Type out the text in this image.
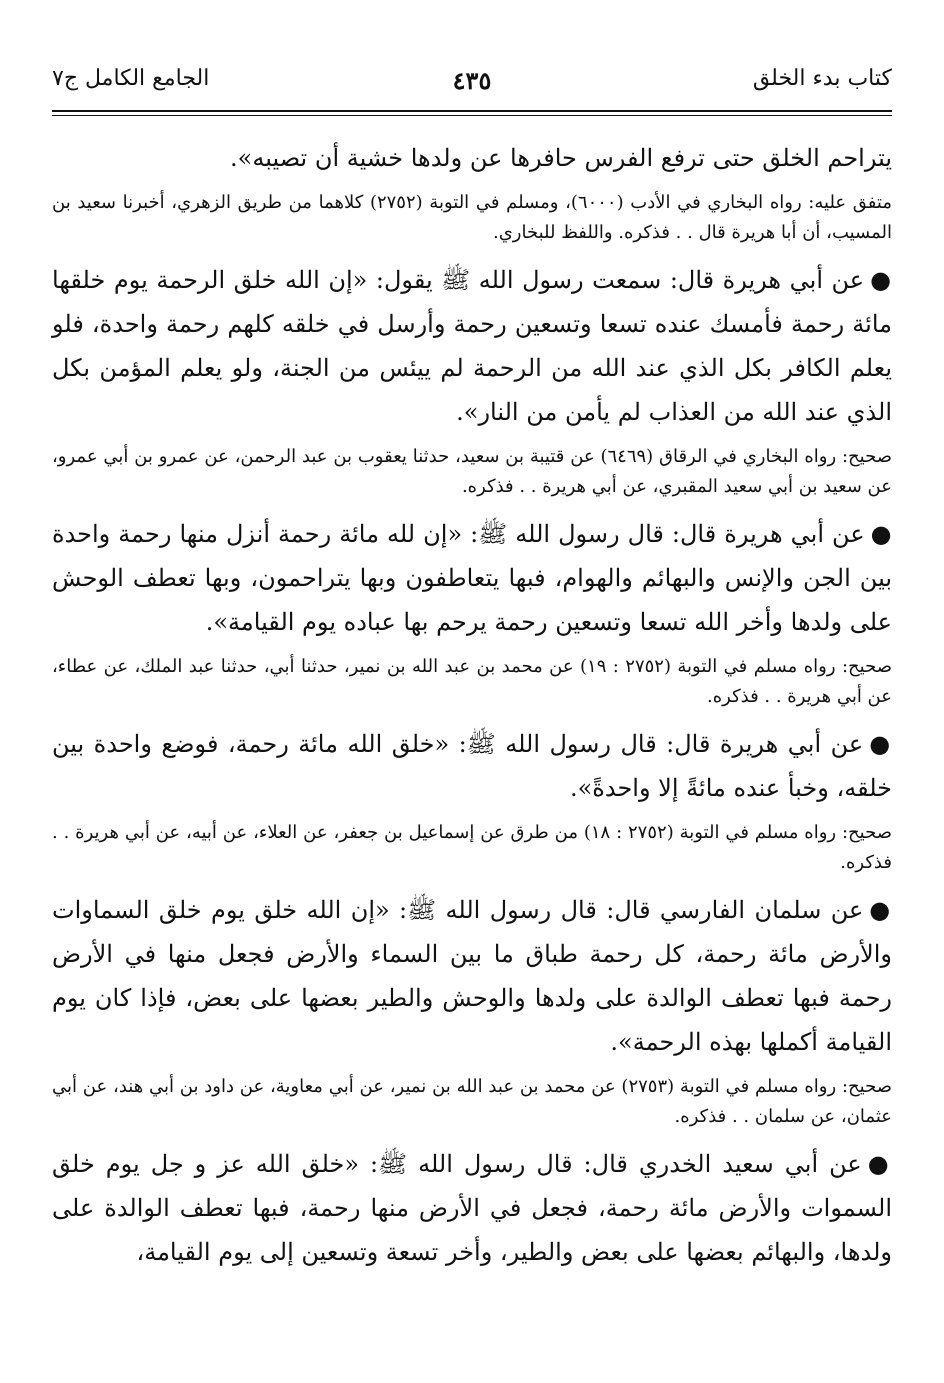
كتاب بدء الخلق
٤٣٥
الجامع الكامل ج٧

يتراحم الخلق حتى ترفع الفرس حافرها عن ولدها خشية أن تصيبه».

متفق عليه: رواه البخاري في الأدب (٦٠٠٠)، ومسلم في التوبة (٢٧٥٢) كلاهما من طريق الزهري، أخبرنا سعيد بن المسيب، أن أبا هريرة قال . . فذكره. واللفظ للبخاري.

●عن أبي هريرة قال: سمعت رسول الله ﷺ يقول: «إن الله خلق الرحمة يوم خلقها مائة رحمة فأمسك عنده تسعا وتسعين رحمة وأرسل في خلقه كلهم رحمة واحدة، فلو يعلم الكافر بكل الذي عند الله من الرحمة لم ييئس من الجنة، ولو يعلم المؤمن بكل الذي عند الله من العذاب لم يأمن من النار».

صحيح: رواه البخاري في الرقاق (٦٤٦٩) عن قتيبة بن سعيد، حدثنا يعقوب بن عبد الرحمن، عن عمرو بن أبي عمرو، عن سعيد بن أبي سعيد المقبري، عن أبي هريرة . . فذكره.

●عن أبي هريرة قال: قال رسول الله ﷺ: «إن لله مائة رحمة أنزل منها رحمة واحدة بين الجن والإنس والبهائم والهوام، فبها يتعاطفون وبها يتراحمون، وبها تعطف الوحش على ولدها وأخر الله تسعا وتسعين رحمة يرحم بها عباده يوم القيامة».

صحيح: رواه مسلم في التوبة (٢٧٥٢ : ١٩) عن محمد بن عبد الله بن نمير، حدثنا أبي، حدثنا عبد الملك، عن عطاء، عن أبي هريرة . . فذكره.

●عن أبي هريرة قال: قال رسول الله ﷺ: «خلق الله مائة رحمة، فوضع واحدة بين خلقه، وخبأ عنده مائةً إلا واحدةً».

صحيح: رواه مسلم في التوبة (٢٧٥٢ : ١٨) من طرق عن إسماعيل بن جعفر، عن العلاء، عن أبيه، عن أبي هريرة . . فذكره.

●عن سلمان الفارسي قال: قال رسول الله ﷺ: «إن الله خلق يوم خلق السماوات والأرض مائة رحمة، كل رحمة طباق ما بين السماء والأرض فجعل منها في الأرض رحمة فبها تعطف الوالدة على ولدها والوحش والطير بعضها على بعض، فإذا كان يوم القيامة أكملها بهذه الرحمة».

صحيح: رواه مسلم في التوبة (٢٧٥٣) عن محمد بن عبد الله بن نمير، عن أبي معاوية، عن داود بن أبي هند، عن أبي عثمان، عن سلمان . . فذكره.

●عن أبي سعيد الخدري قال: قال رسول الله ﷺ: «خلق الله عز و جل يوم خلق السموات والأرض مائة رحمة، فجعل في الأرض منها رحمة، فبها تعطف الوالدة على ولدها، والبهائم بعضها على بعض والطير، وأخر تسعة وتسعين إلى يوم القيامة،
